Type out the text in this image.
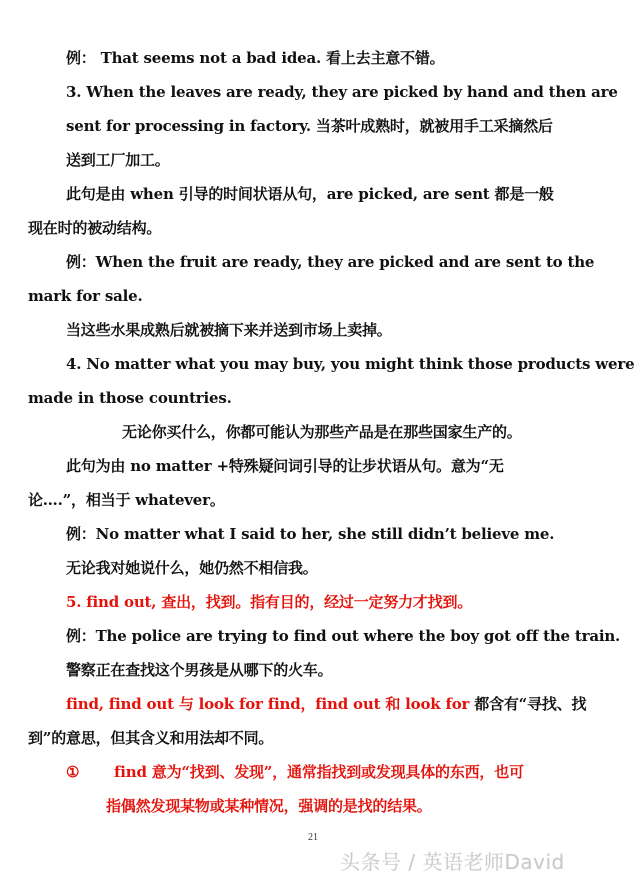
例： That seems not a bad idea. 看上去主意不错。
3. When the leaves are ready, they are picked by hand and then are
sent for processing in factory. 当茶叶成熟时，就被用手工采摘然后
送到工厂加工。
此句是由 when 引导的时间状语从句，are picked, are sent 都是一般
现在时的被动结构。
例：When the fruit are ready, they are picked and are sent to the
mark for sale.
当这些水果成熟后就被摘下来并送到市场上卖掉。
4. No matter what you may buy, you might think those products were
made in those countries.
无论你买什么，你都可能认为那些产品是在那些国家生产的。
此句为由 no matter +特殊疑问词引导的让步状语从句。意为“无
论….”，相当于 whatever。
例：No matter what I said to her, she still didn’t believe me.
无论我对她说什么，她仍然不相信我。
5. find out, 查出，找到。指有目的，经过一定努力才找到。
例：The police are trying to find out where the boy got off the train.
警察正在查找这个男孩是从哪下的火车。
find, find out 与 look for find，find out 和 look for 都含有“寻找、找
到”的意思，但其含义和用法却不同。
① find 意为“找到、发现”，通常指找到或发现具体的东西，也可
指偶然发现某物或某种情况，强调的是找的结果。
21
头条号 / 英语老师David
